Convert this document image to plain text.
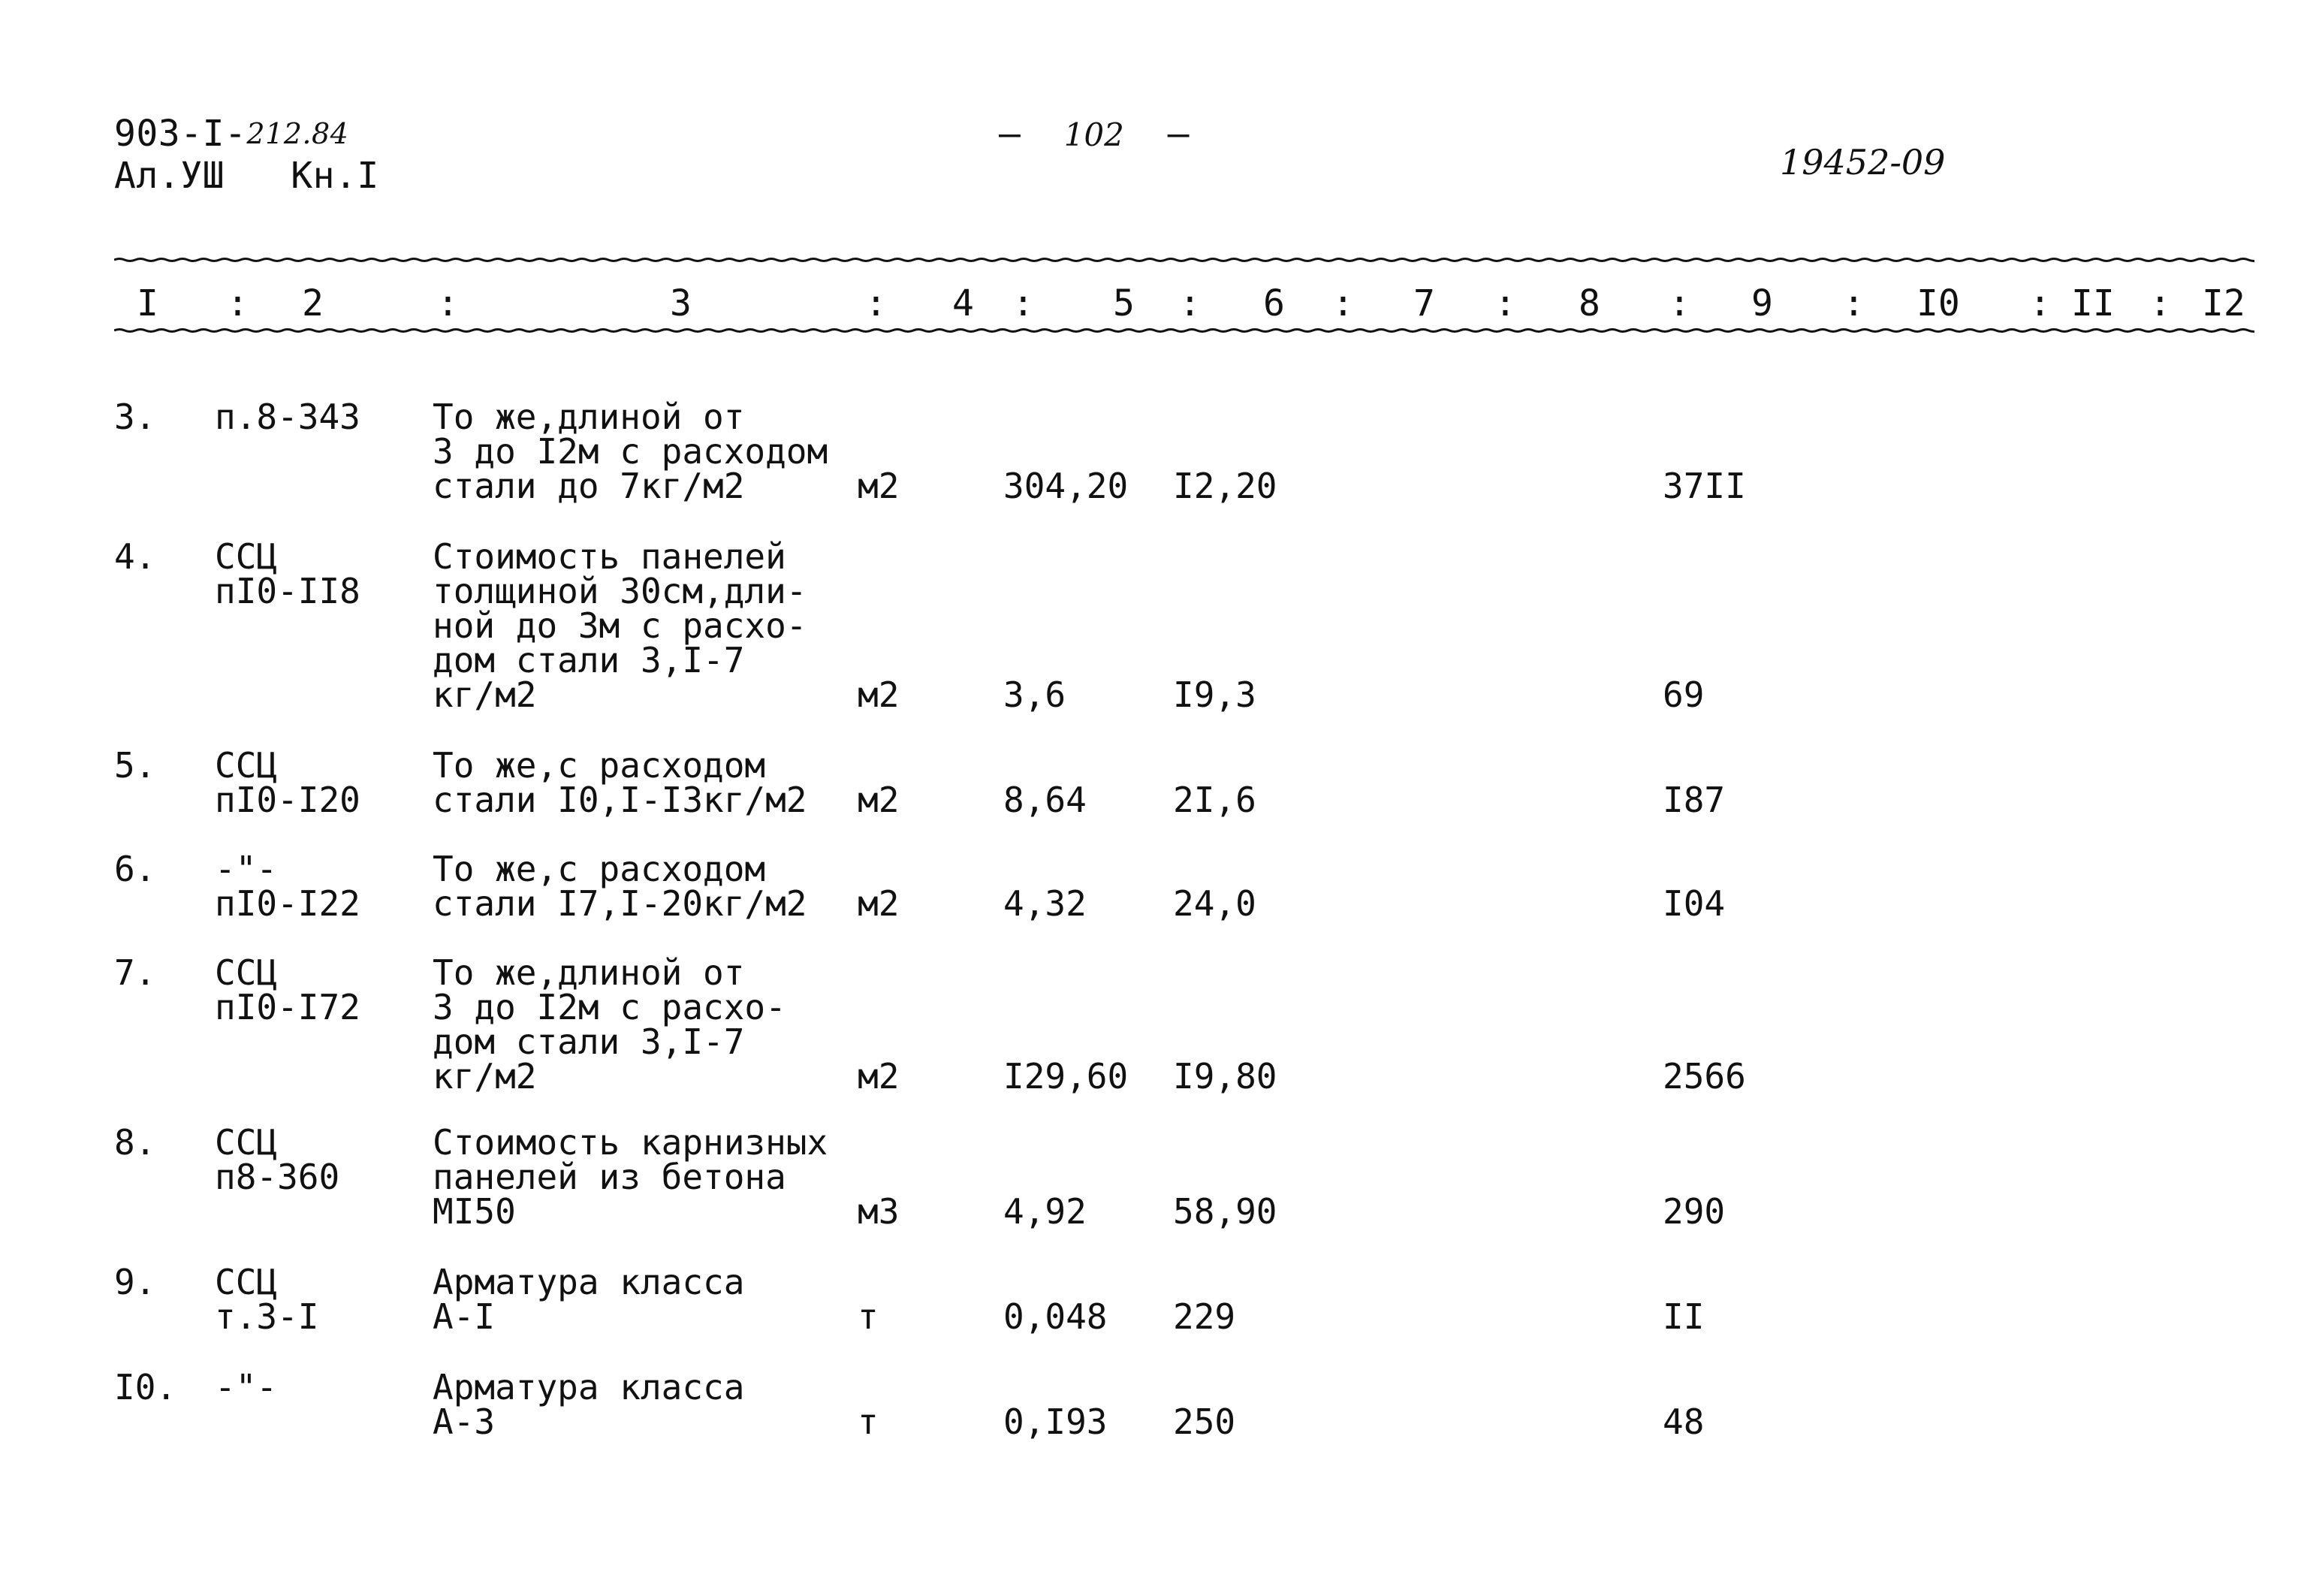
903-I-$^{212.84}$
Ал.УШ Кн.I
–  102  –
19452-09
I : 2	:	3	: 4 : 5 : 6 : 7 : 8 : 9 : I0 : II : I2
3. п.8-343 То же,длиной от
3 до I2м с расходом
стали до 7кг/м2	м2	304,20 I2,20	37II
4. ССЦ
пI0-II8
Стоимость панелей
толщиной 30см,дли-
ной до 3м с расхо-
дом стали 3,I-7
кг/м2	м2	3,6	I9,3	69
5. ССЦ
пI0-I20
То же,с расходом
стали I0,I-I3кг/м2 м2	8,64	2I,6	I87
6. -"-
пI0-I22
То же,с расходом
стали I7,I-20кг/м2 м2	4,32	24,0	I04
7. ССЦ
пI0-I72
То же,длиной от
3 до I2м с расхо-
дом стали 3,I-7
кг/м2	м2	I29,60 I9,80	2566
8. ССЦ
п8-360
Стоимость карнизных
панелей из бетона
МI50	м3	4,92	58,90	290
9. ССЦ
т.3-I
Арматура класса
А-I	т	0,048 229	II
I0. -"-	Арматура класса
А-3	т	0,I93 250	48
